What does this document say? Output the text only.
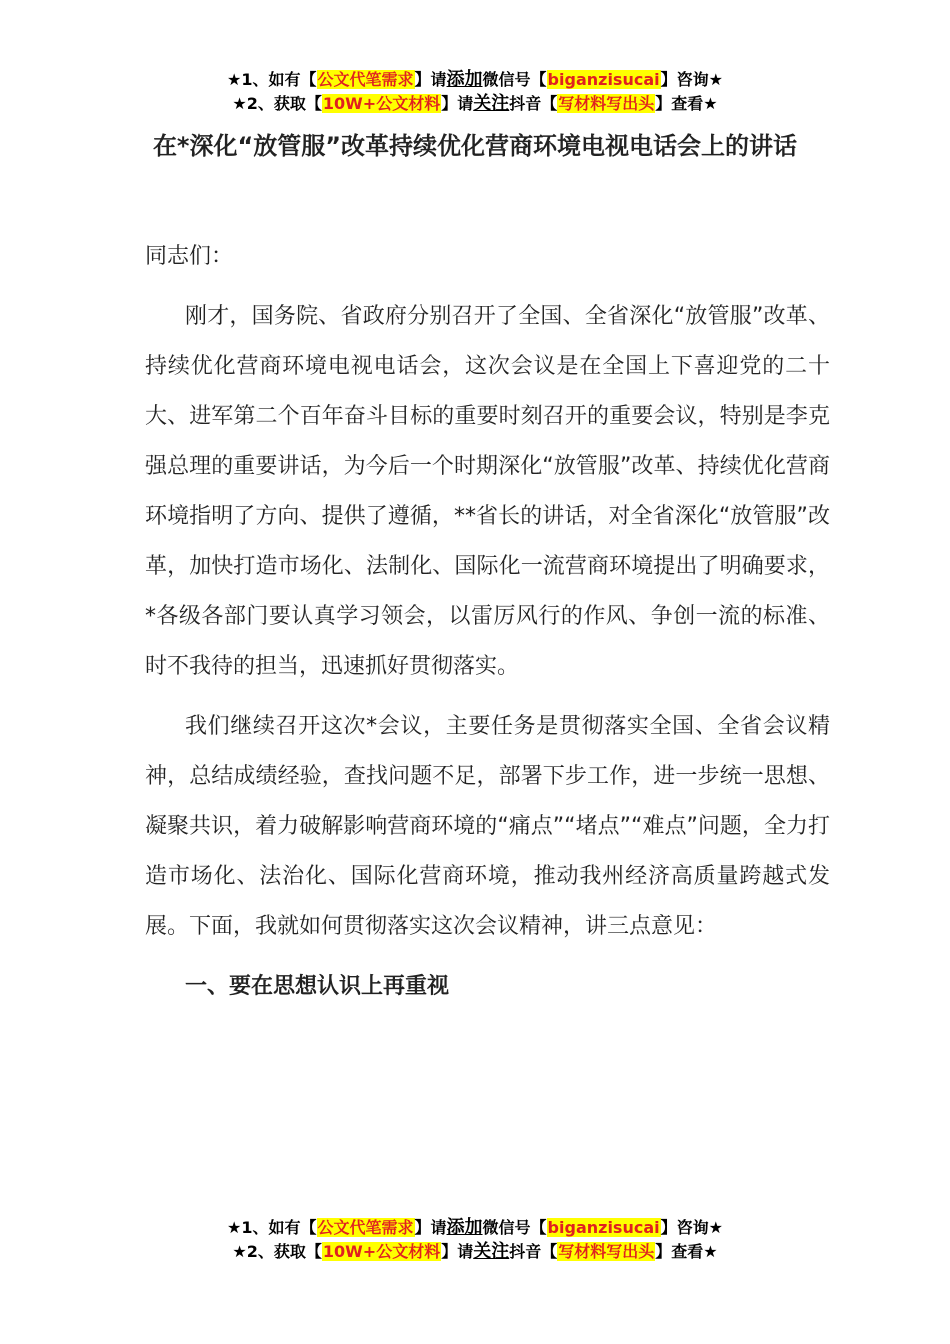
★1、如有【公文代笔需求】请添加微信号【biganzisucai】咨询★
★2、获取【10W+公文材料】请关注抖音【写材料写出头】查看★
在*深化“放管服”改革持续优化营商环境电视电话会上的讲话

同志们：

刚才，国务院、省政府分别召开了全国、全省深化“放管服”改革、持续优化营商环境电视电话会，这次会议是在全国上下喜迎党的二十大、进军第二个百年奋斗目标的重要时刻召开的重要会议，特别是李克强总理的重要讲话，为今后一个时期深化“放管服”改革、持续优化营商环境指明了方向、提供了遵循，**省长的讲话，对全省深化“放管服”改革，加快打造市场化、法制化、国际化一流营商环境提出了明确要求，*各级各部门要认真学习领会，以雷厉风行的作风、争创一流的标准、时不我待的担当，迅速抓好贯彻落实。

我们继续召开这次*会议，主要任务是贯彻落实全国、全省会议精神，总结成绩经验，查找问题不足，部署下步工作，进一步统一思想、凝聚共识，着力破解影响营商环境的“痛点”“堵点”“难点”问题，全力打造市场化、法治化、国际化营商环境，推动我州经济高质量跨越式发展。下面，我就如何贯彻落实这次会议精神，讲三点意见：

一、要在思想认识上再重视

★1、如有【公文代笔需求】请添加微信号【biganzisucai】咨询★
★2、获取【10W+公文材料】请关注抖音【写材料写出头】查看★
